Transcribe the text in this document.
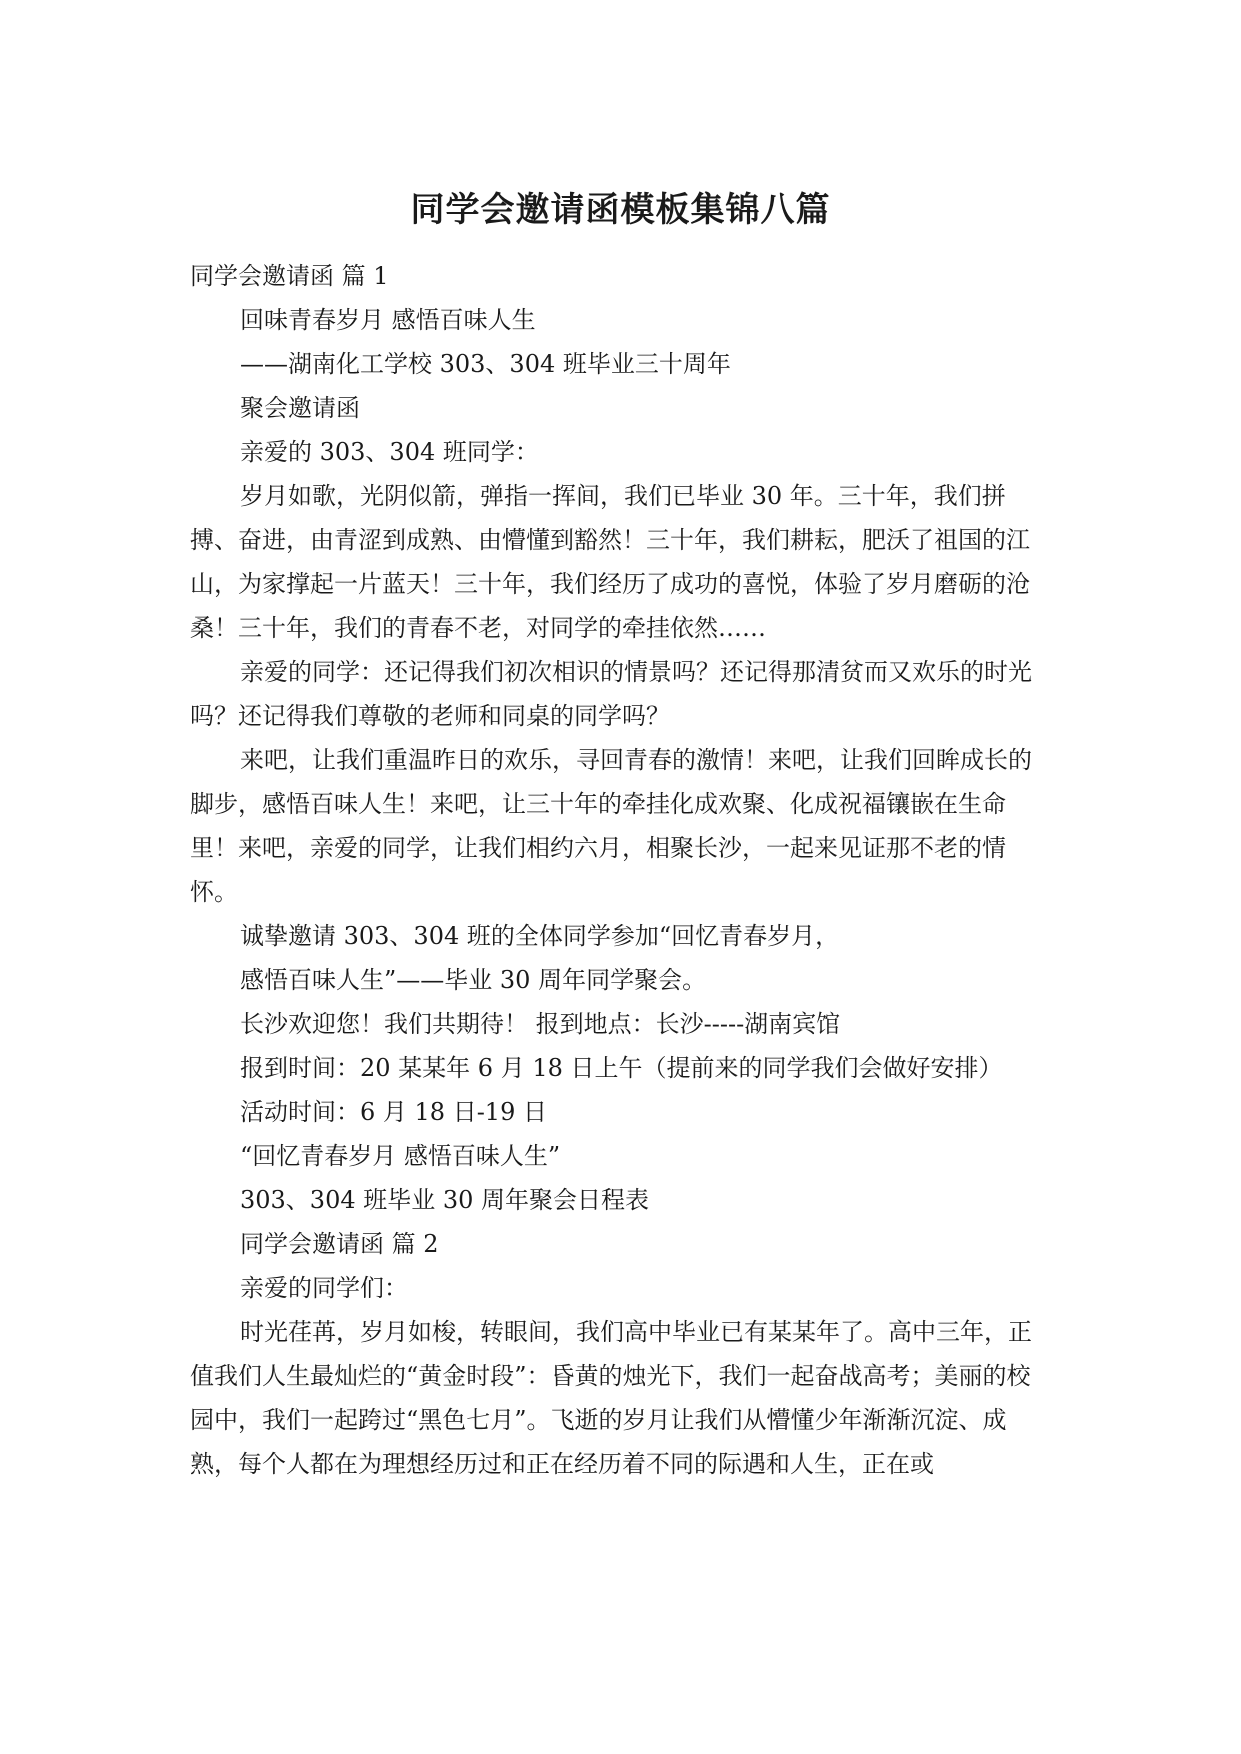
同学会邀请函模板集锦八篇

同学会邀请函 篇 1

回味青春岁月 感悟百味人生

——湖南化工学校 303、304 班毕业三十周年

聚会邀请函

亲爱的 303、304 班同学：

岁月如歌，光阴似箭，弹指一挥间，我们已毕业 30 年。三十年，我们拼搏、奋进，由青涩到成熟、由懵懂到豁然！三十年，我们耕耘，肥沃了祖国的江山，为家撑起一片蓝天！三十年，我们经历了成功的喜悦，体验了岁月磨砺的沧桑！三十年，我们的青春不老，对同学的牵挂依然……

亲爱的同学：还记得我们初次相识的情景吗？还记得那清贫而又欢乐的时光吗？还记得我们尊敬的老师和同桌的同学吗？

来吧，让我们重温昨日的欢乐，寻回青春的激情！来吧，让我们回眸成长的脚步，感悟百味人生！来吧，让三十年的牵挂化成欢聚、化成祝福镶嵌在生命里！来吧，亲爱的同学，让我们相约六月，相聚长沙，一起来见证那不老的情怀。

诚挚邀请 303、304 班的全体同学参加“回忆青春岁月，

感悟百味人生”——毕业 30 周年同学聚会。

长沙欢迎您！我们共期待！ 报到地点：长沙-----湖南宾馆

报到时间：20 某某年 6 月 18 日上午（提前来的同学我们会做好安排）

活动时间：6 月 18 日-19 日

“回忆青春岁月 感悟百味人生”

303、304 班毕业 30 周年聚会日程表

同学会邀请函 篇 2

亲爱的同学们：

时光荏苒，岁月如梭，转眼间，我们高中毕业已有某某年了。高中三年，正值我们人生最灿烂的“黄金时段”：昏黄的烛光下，我们一起奋战高考；美丽的校园中，我们一起跨过“黑色七月”。飞逝的岁月让我们从懵懂少年渐渐沉淀、成熟，每个人都在为理想经历过和正在经历着不同的际遇和人生，正在或
